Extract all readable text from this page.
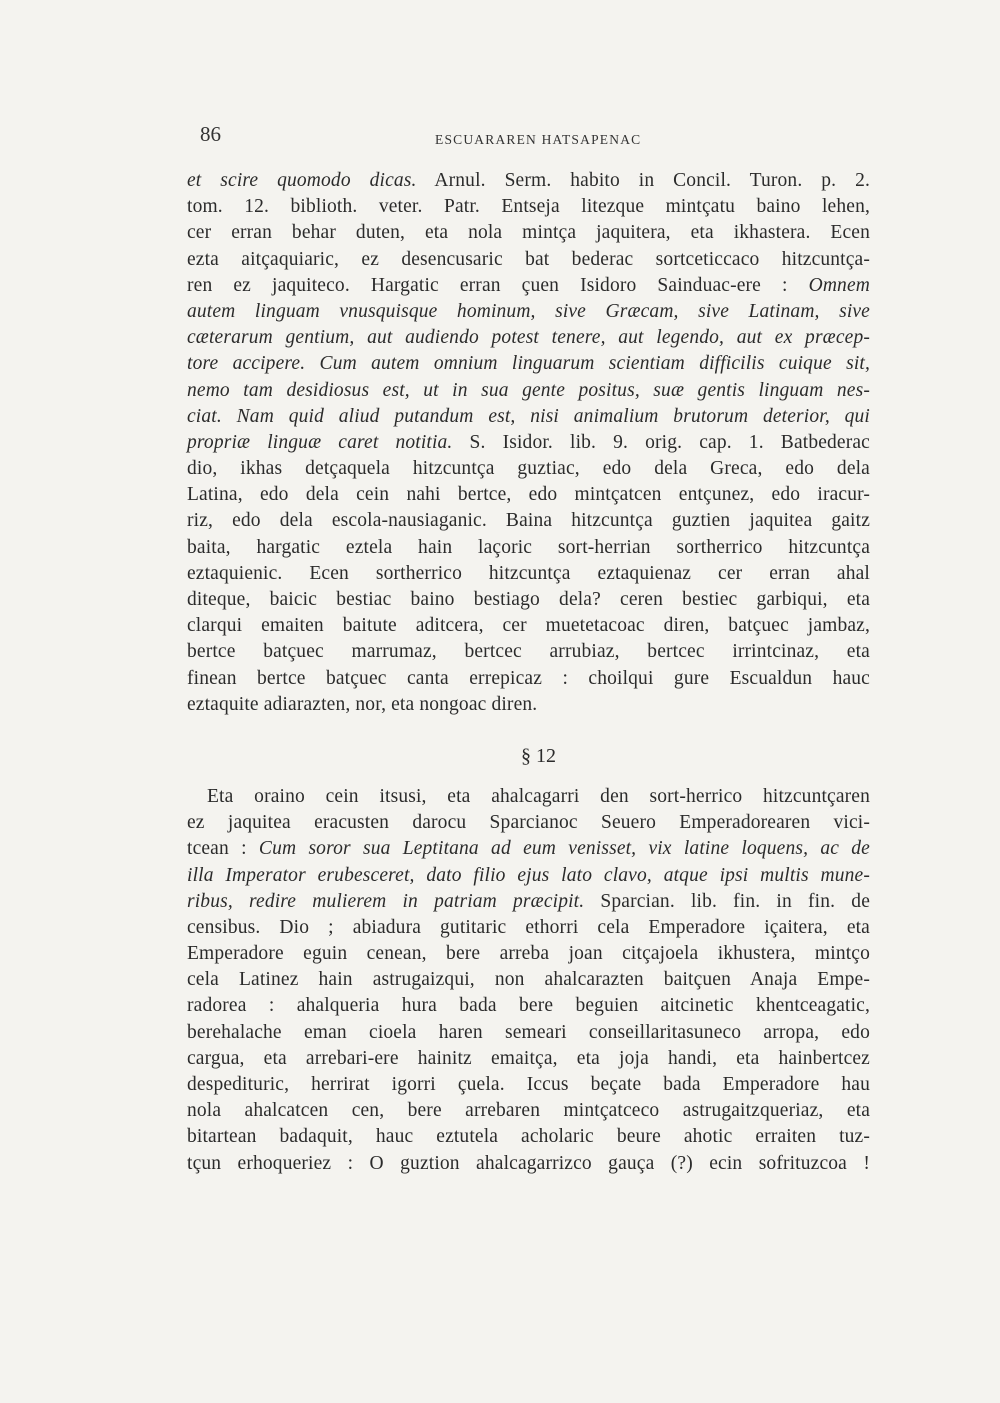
86	ESCUARAREN HATSAPENAC
et scire quomodo dicas. Arnul. Serm. habito in Concil. Turon. p. 2.
tom. 12. biblioth. veter. Patr. Entseja litezque mintçatu baino lehen,
cer erran behar duten, eta nola mintça jaquitera, eta ikhastera. Ecen
ezta aitçaquiaric, ez desencusaric bat bederac sortceticcaco hitzcuntça-
ren ez jaquiteco. Hargatic erran çuen Isidoro Sainduac-ere : Omnem
autem linguam vnusquisque hominum, sive Græcam, sive Latinam, sive
cæterarum gentium, aut audiendo potest tenere, aut legendo, aut ex præcep-
tore accipere. Cum autem omnium linguarum scientiam difficilis cuique sit,
nemo tam desidiosus est, ut in sua gente positus, suæ gentis linguam nes-
ciat. Nam quid aliud putandum est, nisi animalium brutorum deterior, qui
propriæ linguæ caret notitia. S. Isidor. lib. 9. orig. cap. 1. Batbederac
dio, ikhas detçaquela hitzcuntça guztiac, edo dela Greca, edo dela
Latina, edo dela cein nahi bertce, edo mintçatcen entçunez, edo iracur-
riz, edo dela escola-nausiaganic. Baina hitzcuntça guztien jaquitea gaitz
baita, hargatic eztela hain laçoric sort-herrian sortherrico hitzcuntça
eztaquienic. Ecen sortherrico hitzcuntça eztaquienaz cer erran ahal
diteque, baicic bestiac baino bestiago dela? ceren bestiec garbiqui, eta
clarqui emaiten baitute aditcera, cer muetetacoac diren, batçuec jambaz,
bertce batçuec marrumaz, bertcec arrubiaz, bertcec irrintcinaz, eta
finean bertce batçuec canta errepicaz : choilqui gure Escualdun hauc
eztaquite adiarazten, nor, eta nongoac diren.
§ 12
Eta oraino cein itsusi, eta ahalcagarri den sort-herrico hitzcuntçaren
ez jaquitea eracusten darocu Sparcianoc Seuero Emperadorearen vici-
tcean : Cum soror sua Leptitana ad eum venisset, vix latine loquens, ac de
illa Imperator erubesceret, dato filio ejus lato clavo, atque ipsi multis mune-
ribus, redire mulierem in patriam præcipit. Sparcian. lib. fin. in fin. de
censibus. Dio ; abiadura gutitaric ethorri cela Emperadore içaitera, eta
Emperadore eguin cenean, bere arreba joan citçajoela ikhustera, mintço
cela Latinez hain astrugaizqui, non ahalcarazten baitçuen Anaja Empe-
radorea : ahalqueria hura bada bere beguien aitcinetic khentceagatic,
berehalache eman cioela haren semeari conseillaritasuneco arropa, edo
cargua, eta arrebari-ere hainitz emaitça, eta joja handi, eta hainbertcez
despedituric, herrirat igorri çuela. Iccus beçate bada Emperadore hau
nola ahalcatcen cen, bere arrebaren mintçatceco astrugaitzqueriaz, eta
bitartean badaquit, hauc eztutela acholaric beure ahotic erraiten tuz-
tçun erhoqueriez : O guztion ahalcagarrizco gauça (?) ecin sofrituzcoa !
